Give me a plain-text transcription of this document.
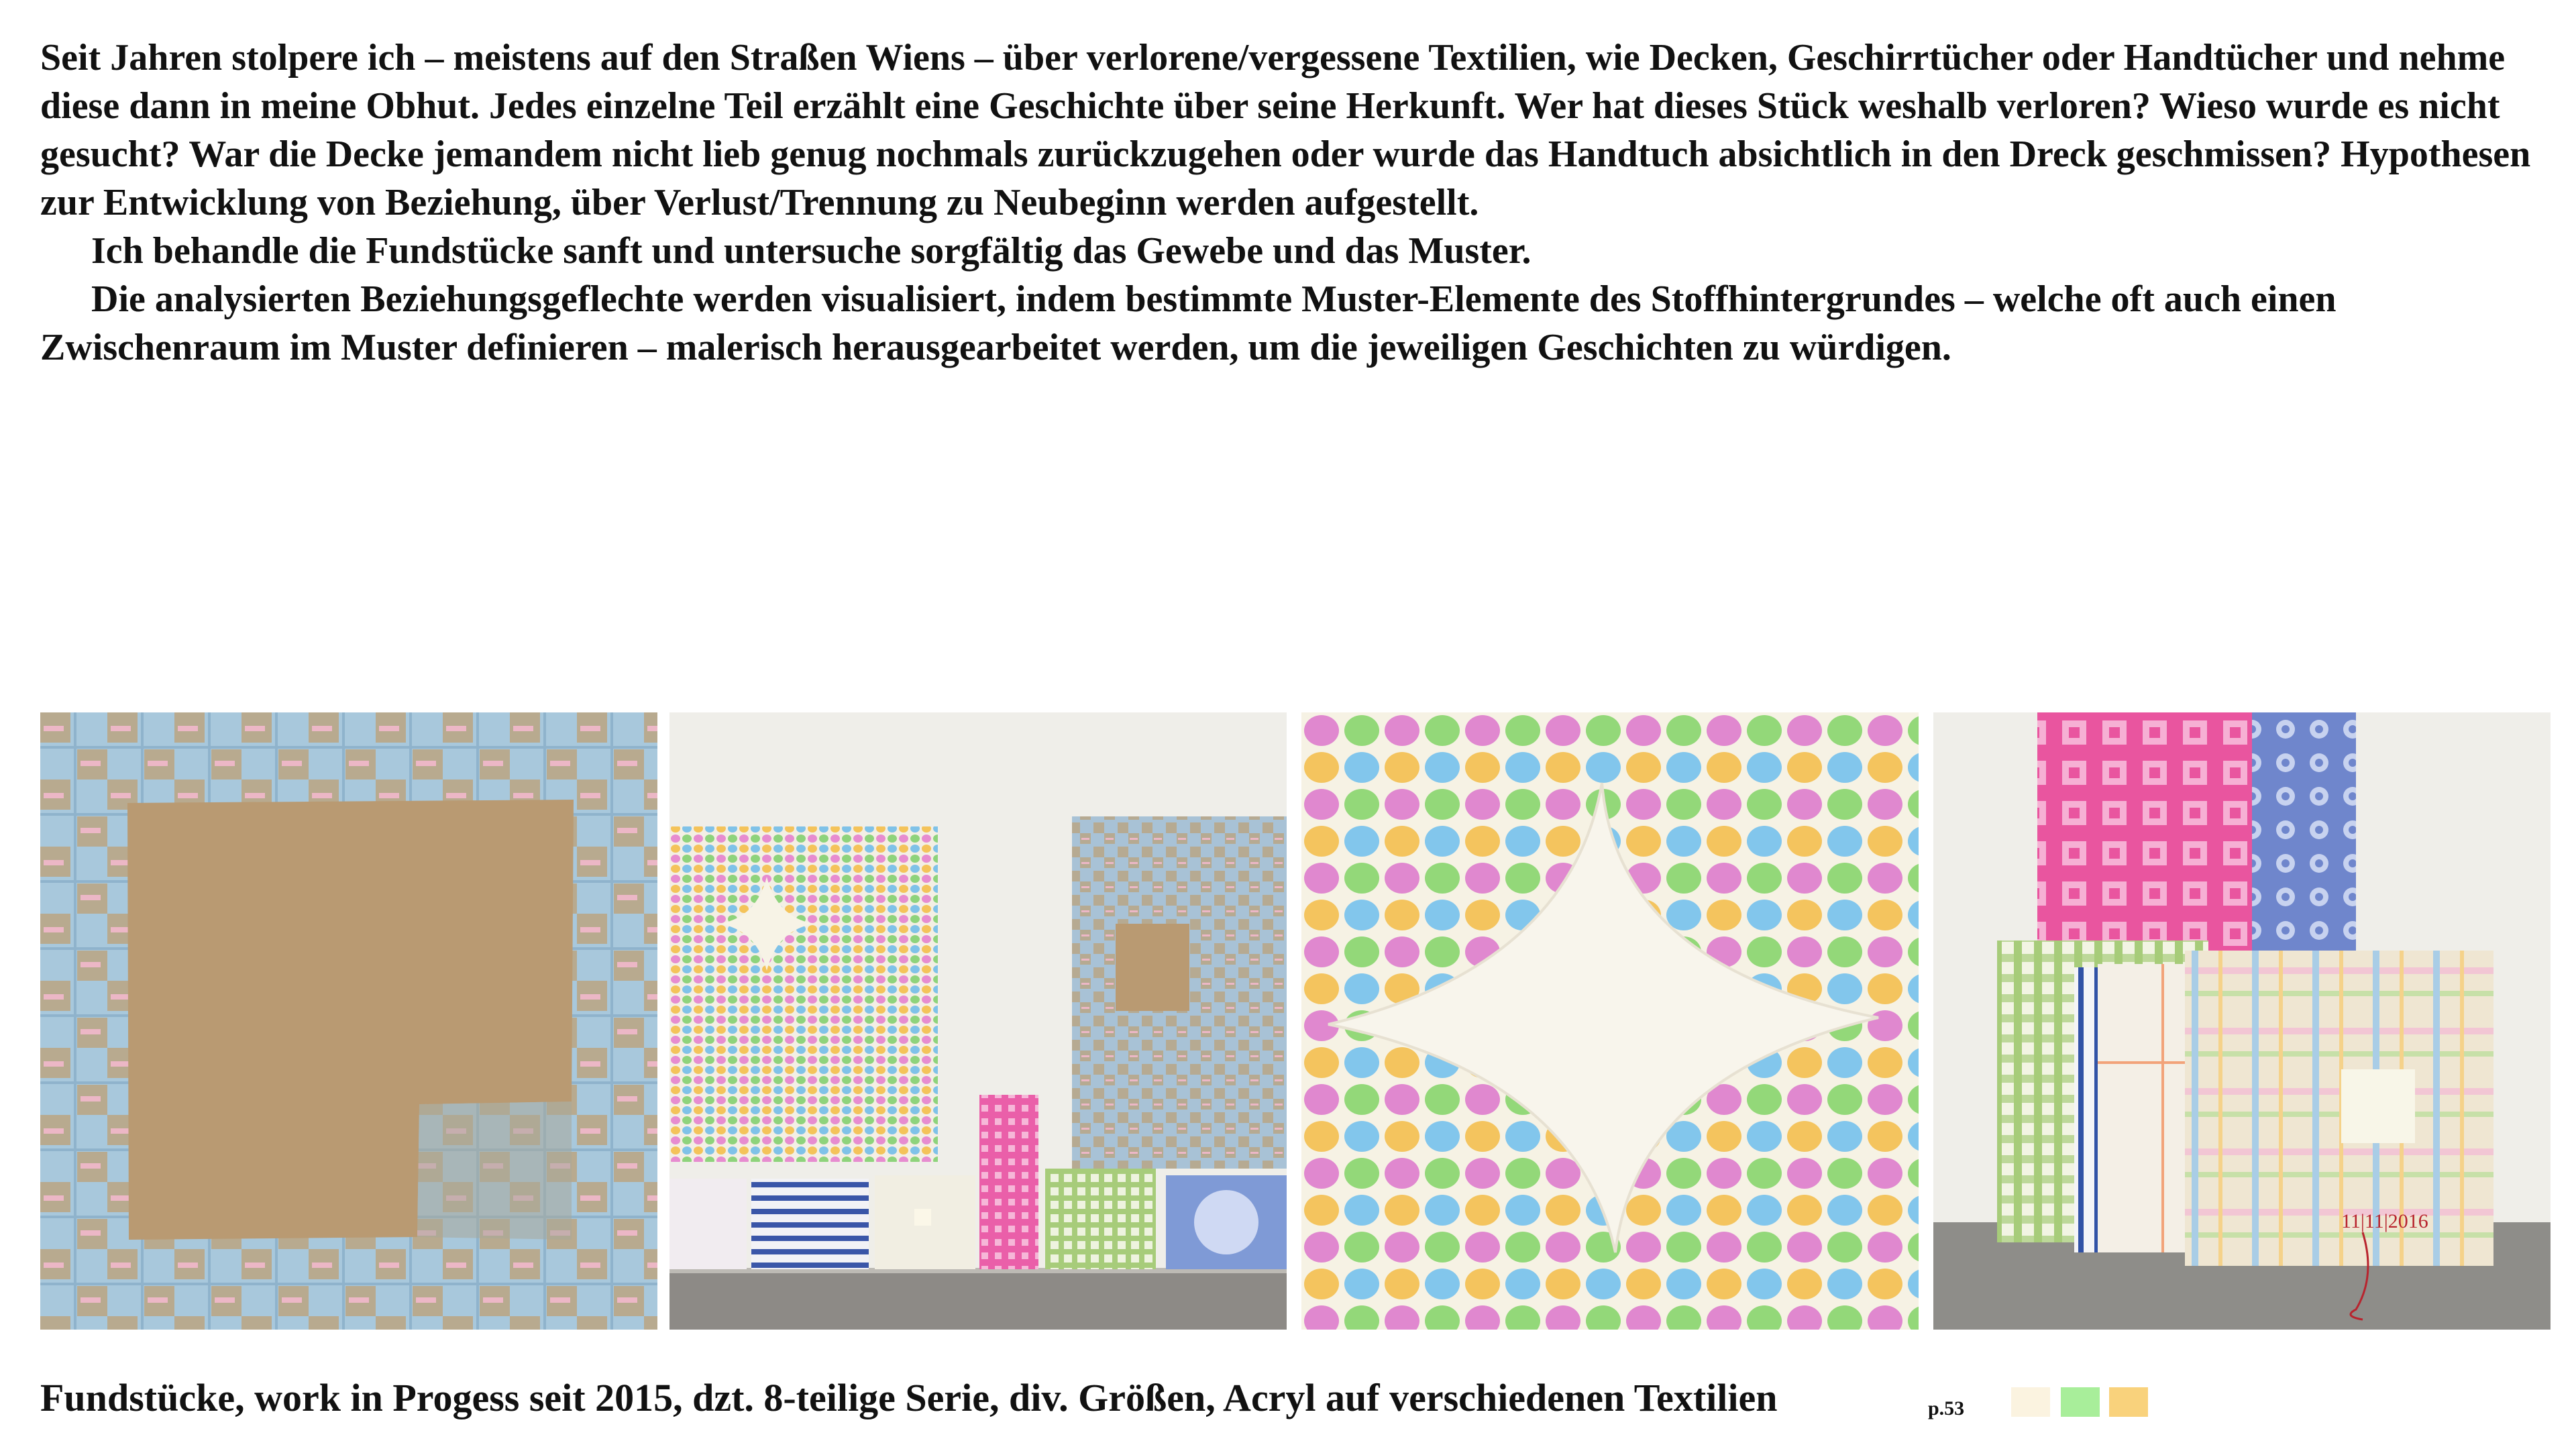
Seit Jahren stolpere ich – meistens auf den Straßen Wiens – über verlorene/vergessene Textilien, wie Decken, Geschirrtücher oder Handtücher und nehme diese dann in meine Obhut. Jedes einzelne Teil erzählt eine Geschichte über seine Herkunft. Wer hat dieses Stück weshalb verloren? Wieso wurde es nicht gesucht? War die Decke jemandem nicht lieb genug nochmals zurückzugehen oder wurde das Handtuch absichtlich in den Dreck geschmissen? Hypothesen zur Entwicklung von Beziehung, über Verlust/Trennung zu Neubeginn werden aufgestellt.

Ich behandle die Fundstücke sanft und untersuche sorgfältig das Gewebe und das Muster.

Die analysierten Beziehungsgeflechte werden visualisiert, indem bestimmte Muster-Elemente des Stoffhintergrundes – welche oft auch einen Zwischenraum im Muster definieren – malerisch herausgearbeitet werden, um die jeweiligen Geschichten zu würdigen.

11|11|2016
Fundstücke, work in Progess seit 2015, dzt. 8-teilige Serie, div. Größen, Acryl auf verschiedenen Textilien	p.53
